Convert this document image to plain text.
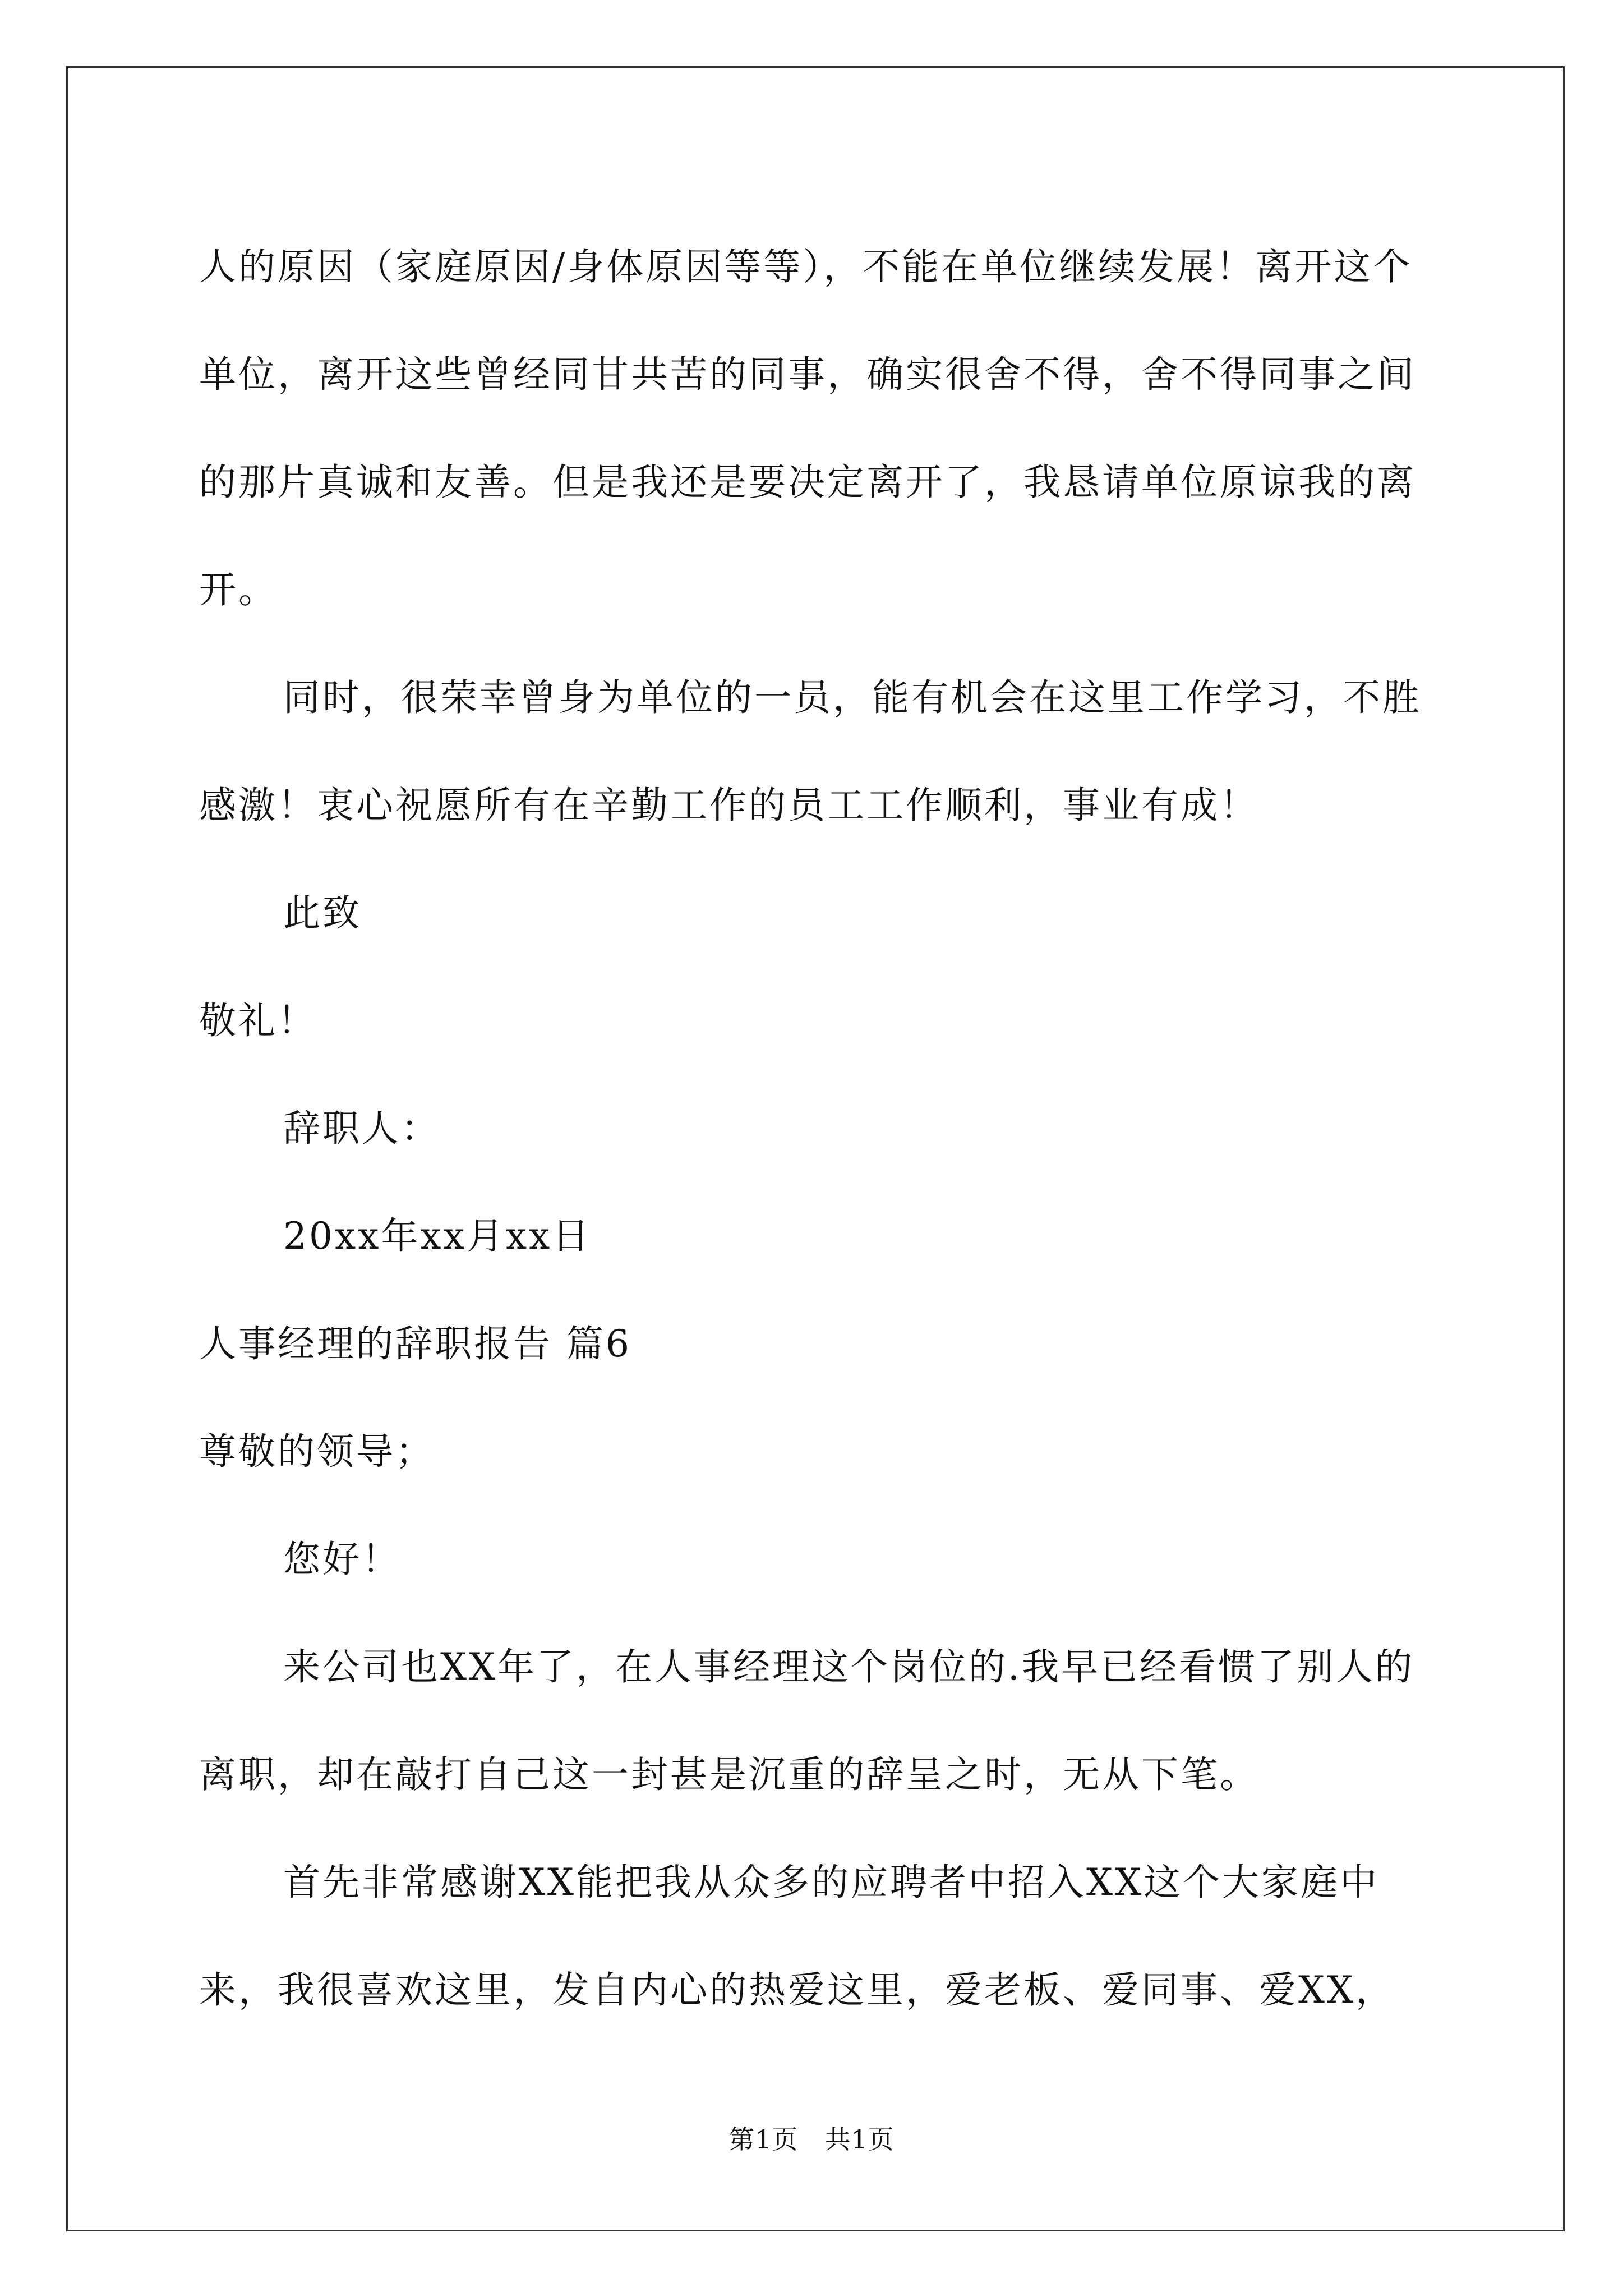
人的原因（家庭原因/身体原因等等），不能在单位继续发展！离开这个单位，离开这些曾经同甘共苦的同事，确实很舍不得，舍不得同事之间的那片真诚和友善。但是我还是要决定离开了，我恳请单位原谅我的离开。

同时，很荣幸曾身为单位的一员，能有机会在这里工作学习，不胜感激！衷心祝愿所有在辛勤工作的员工工作顺利，事业有成！

此致

敬礼！

辞职人：

20xx年xx月xx日

人事经理的辞职报告 篇6

尊敬的领导；

您好！

来公司也XX年了，在人事经理这个岗位的.我早已经看惯了别人的离职，却在敲打自己这一封甚是沉重的辞呈之时，无从下笔。

首先非常感谢XX能把我从众多的应聘者中招入XX这个大家庭中来，我很喜欢这里，发自内心的热爱这里，爱老板、爱同事、爱XX，

第1页　共1页
